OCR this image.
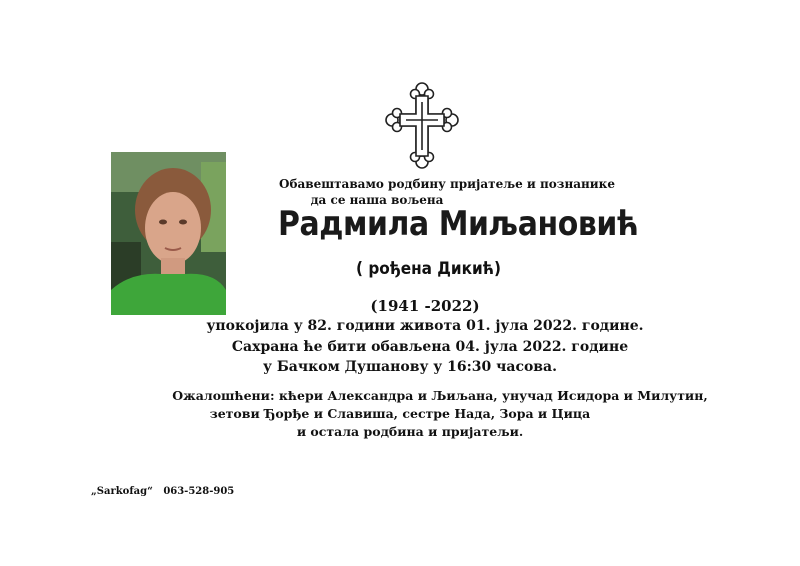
Обавештавамо родбину пријатеље и познанике
да се наша вољена
Радмила Миљановић
( рођена Дикић)
(1941 -2022)
упокојила у 82. години живота 01. јула 2022. године.
Сахрана ће бити обављена 04. јула 2022. године
у Бачком Душанову у 16:30 часова.
Ожалошћени: кћери Александра и Љиљана, унучад Исидора и Милутин,
зетови Ђорђе и Славиша, сестре Нада, Зора и Цица
и остала родбина и пријатељи.
„Sarkofag“ 063-528-905
